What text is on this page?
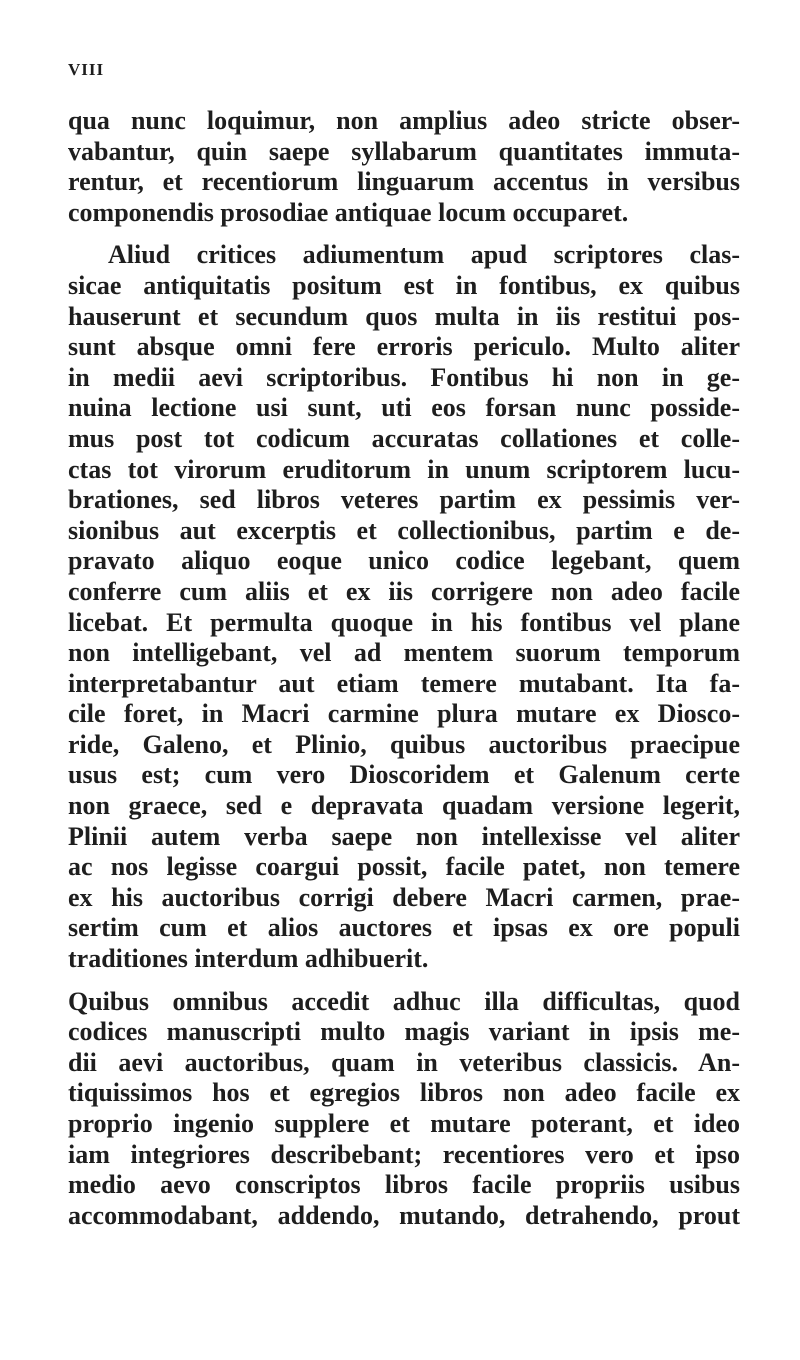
VIII
qua nunc loquimur, non amplius adeo stricte obser-
vabantur, quin saepe syllabarum quantitates immuta-
rentur, et recentiorum linguarum accentus in versibus
componendis prosodiae antiquae locum occuparet.
Aliud critices adiumentum apud scriptores clas-
sicae antiquitatis positum est in fontibus, ex quibus
hauserunt et secundum quos multa in iis restitui pos-
sunt absque omni fere erroris periculo. Multo aliter
in medii aevi scriptoribus. Fontibus hi non in ge-
nuina lectione usi sunt, uti eos forsan nunc posside-
mus post tot codicum accuratas collationes et colle-
ctas tot virorum eruditorum in unum scriptorem lucu-
brationes, sed libros veteres partim ex pessimis ver-
sionibus aut excerptis et collectionibus, partim e de-
pravato aliquo eoque unico codice legebant, quem
conferre cum aliis et ex iis corrigere non adeo facile
licebat. Et permulta quoque in his fontibus vel plane
non intelligebant, vel ad mentem suorum temporum
interpretabantur aut etiam temere mutabant. Ita fa-
cile foret, in Macri carmine plura mutare ex Diosco-
ride, Galeno, et Plinio, quibus auctoribus praecipue
usus est; cum vero Dioscoridem et Galenum certe
non graece, sed e depravata quadam versione legerit,
Plinii autem verba saepe non intellexisse vel aliter
ac nos legisse coargui possit, facile patet, non temere
ex his auctoribus corrigi debere Macri carmen, prae-
sertim cum et alios auctores et ipsas ex ore populi
traditiones interdum adhibuerit.
Quibus omnibus accedit adhuc illa difficultas, quod
codices manuscripti multo magis variant in ipsis me-
dii aevi auctoribus, quam in veteribus classicis. An-
tiquissimos hos et egregios libros non adeo facile ex
proprio ingenio supplere et mutare poterant, et ideo
iam integriores describebant; recentiores vero et ipso
medio aevo conscriptos libros facile propriis usibus
accommodabant, addendo, mutando, detrahendo, prout
